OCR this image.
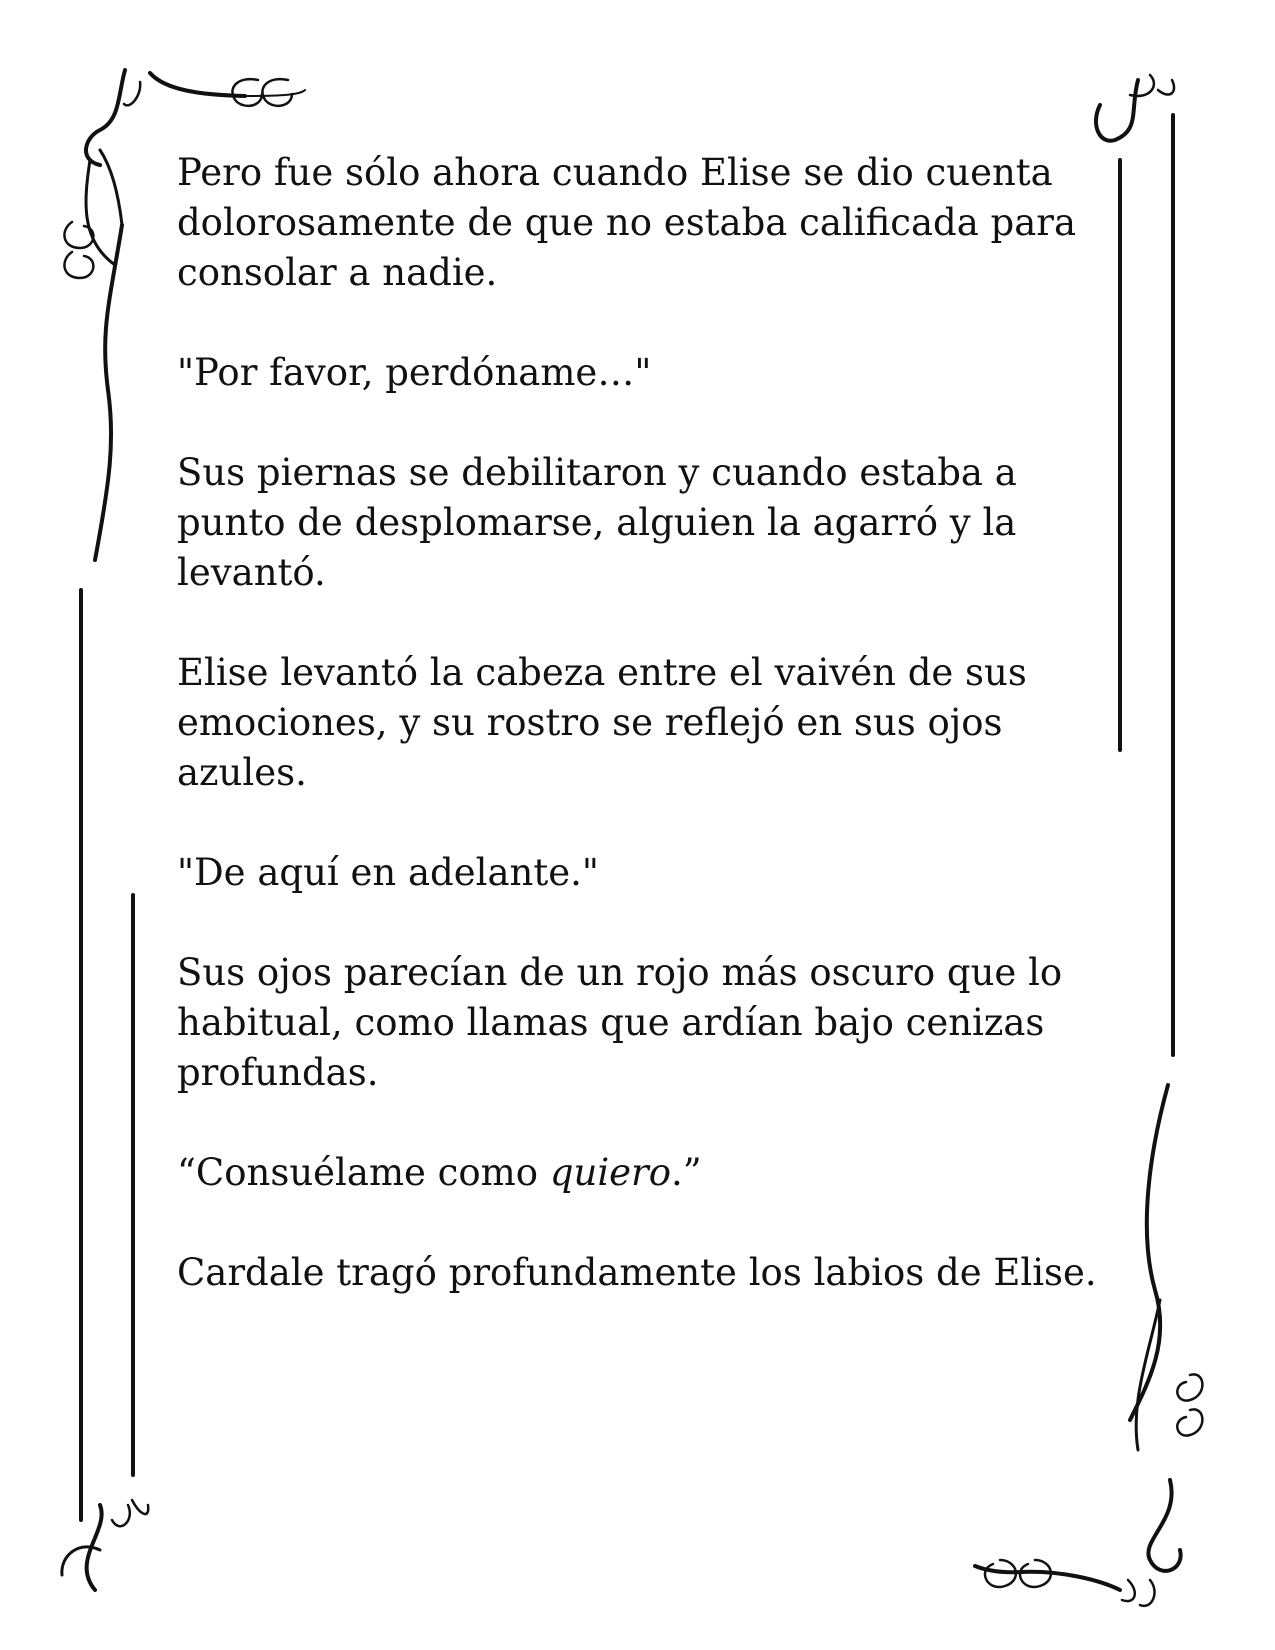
Pero fue sólo ahora cuando Elise se dio cuenta dolorosamente de que no estaba calificada para consolar a nadie.

"Por favor, perdóname…"

Sus piernas se debilitaron y cuando estaba a punto de desplomarse, alguien la agarró y la levantó.

Elise levantó la cabeza entre el vaivén de sus emociones, y su rostro se reflejó en sus ojos azules.

"De aquí en adelante."

Sus ojos parecían de un rojo más oscuro que lo habitual, como llamas que ardían bajo cenizas profundas.

“Consuélame como quiero.”

Cardale tragó profundamente los labios de Elise.
